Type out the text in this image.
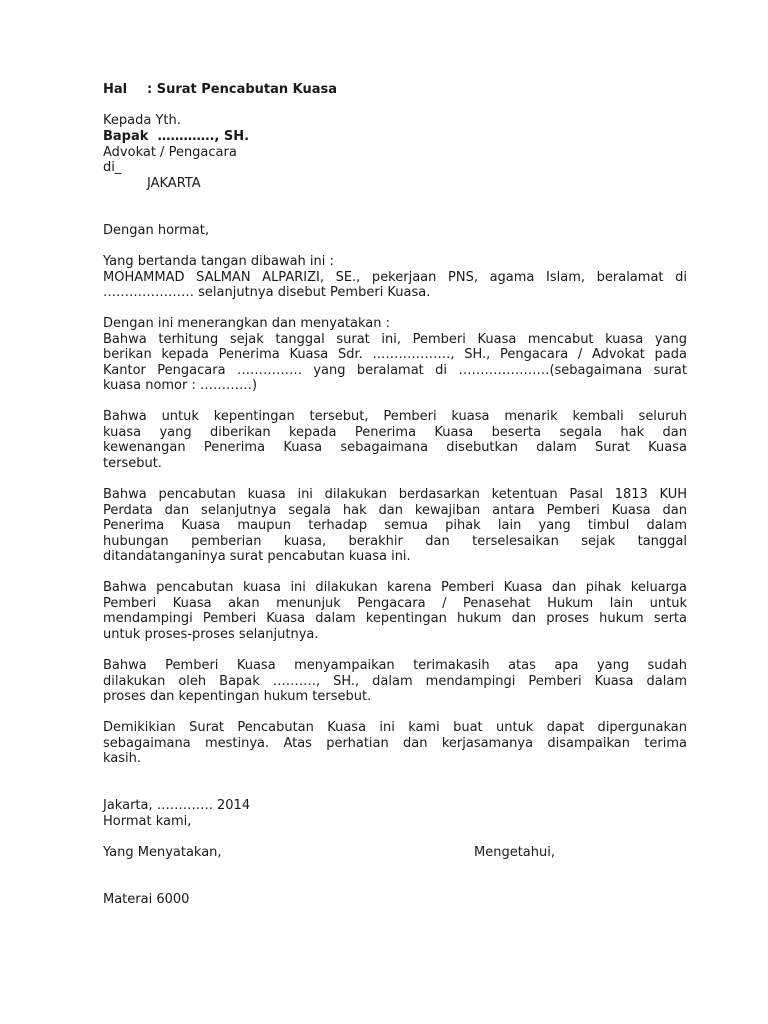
Hal : Surat Pencabutan Kuasa
Kepada Yth.
Bapak  …………., SH.
Advokat / Pengacara
di_
JAKARTA
Dengan hormat,
Yang bertanda tangan dibawah ini :
MOHAMMAD SALMAN ALPARIZI, SE., pekerjaan PNS, agama Islam, beralamat di
………………… selanjutnya disebut Pemberi Kuasa.
Dengan ini menerangkan dan menyatakan :
Bahwa terhitung sejak tanggal surat ini, Pemberi Kuasa mencabut kuasa yang
berikan kepada Penerima Kuasa Sdr. ………………, SH., Pengacara / Advokat pada
Kantor Pengacara …………… yang beralamat di …………………(sebagaimana surat
kuasa nomor : …………)
Bahwa untuk kepentingan tersebut, Pemberi kuasa menarik kembali seluruh
kuasa yang diberikan kepada Penerima Kuasa beserta segala hak dan
kewenangan Penerima Kuasa sebagaimana disebutkan dalam Surat Kuasa
tersebut.
Bahwa pencabutan kuasa ini dilakukan berdasarkan ketentuan Pasal 1813 KUH
Perdata dan selanjutnya segala hak dan kewajiban antara Pemberi Kuasa dan
Penerima Kuasa maupun terhadap semua pihak lain yang timbul dalam
hubungan pemberian kuasa, berakhir dan terselesaikan sejak tanggal
ditandatanganinya surat pencabutan kuasa ini.
Bahwa pencabutan kuasa ini dilakukan karena Pemberi Kuasa dan pihak keluarga
Pemberi Kuasa akan menunjuk Pengacara / Penasehat Hukum lain untuk
mendampingi Pemberi Kuasa dalam kepentingan hukum dan proses hukum serta
untuk proses-proses selanjutnya.
Bahwa Pemberi Kuasa menyampaikan terimakasih atas apa yang sudah
dilakukan oleh Bapak ………., SH., dalam mendampingi Pemberi Kuasa dalam
proses dan kepentingan hukum tersebut.
Demikikian Surat Pencabutan Kuasa ini kami buat untuk dapat dipergunakan
sebagaimana mestinya. Atas perhatian dan kerjasamanya disampaikan terima
kasih.
Jakarta, …………. 2014
Hormat kami,
Yang Menyatakan,	Mengetahui,
Materai 6000
